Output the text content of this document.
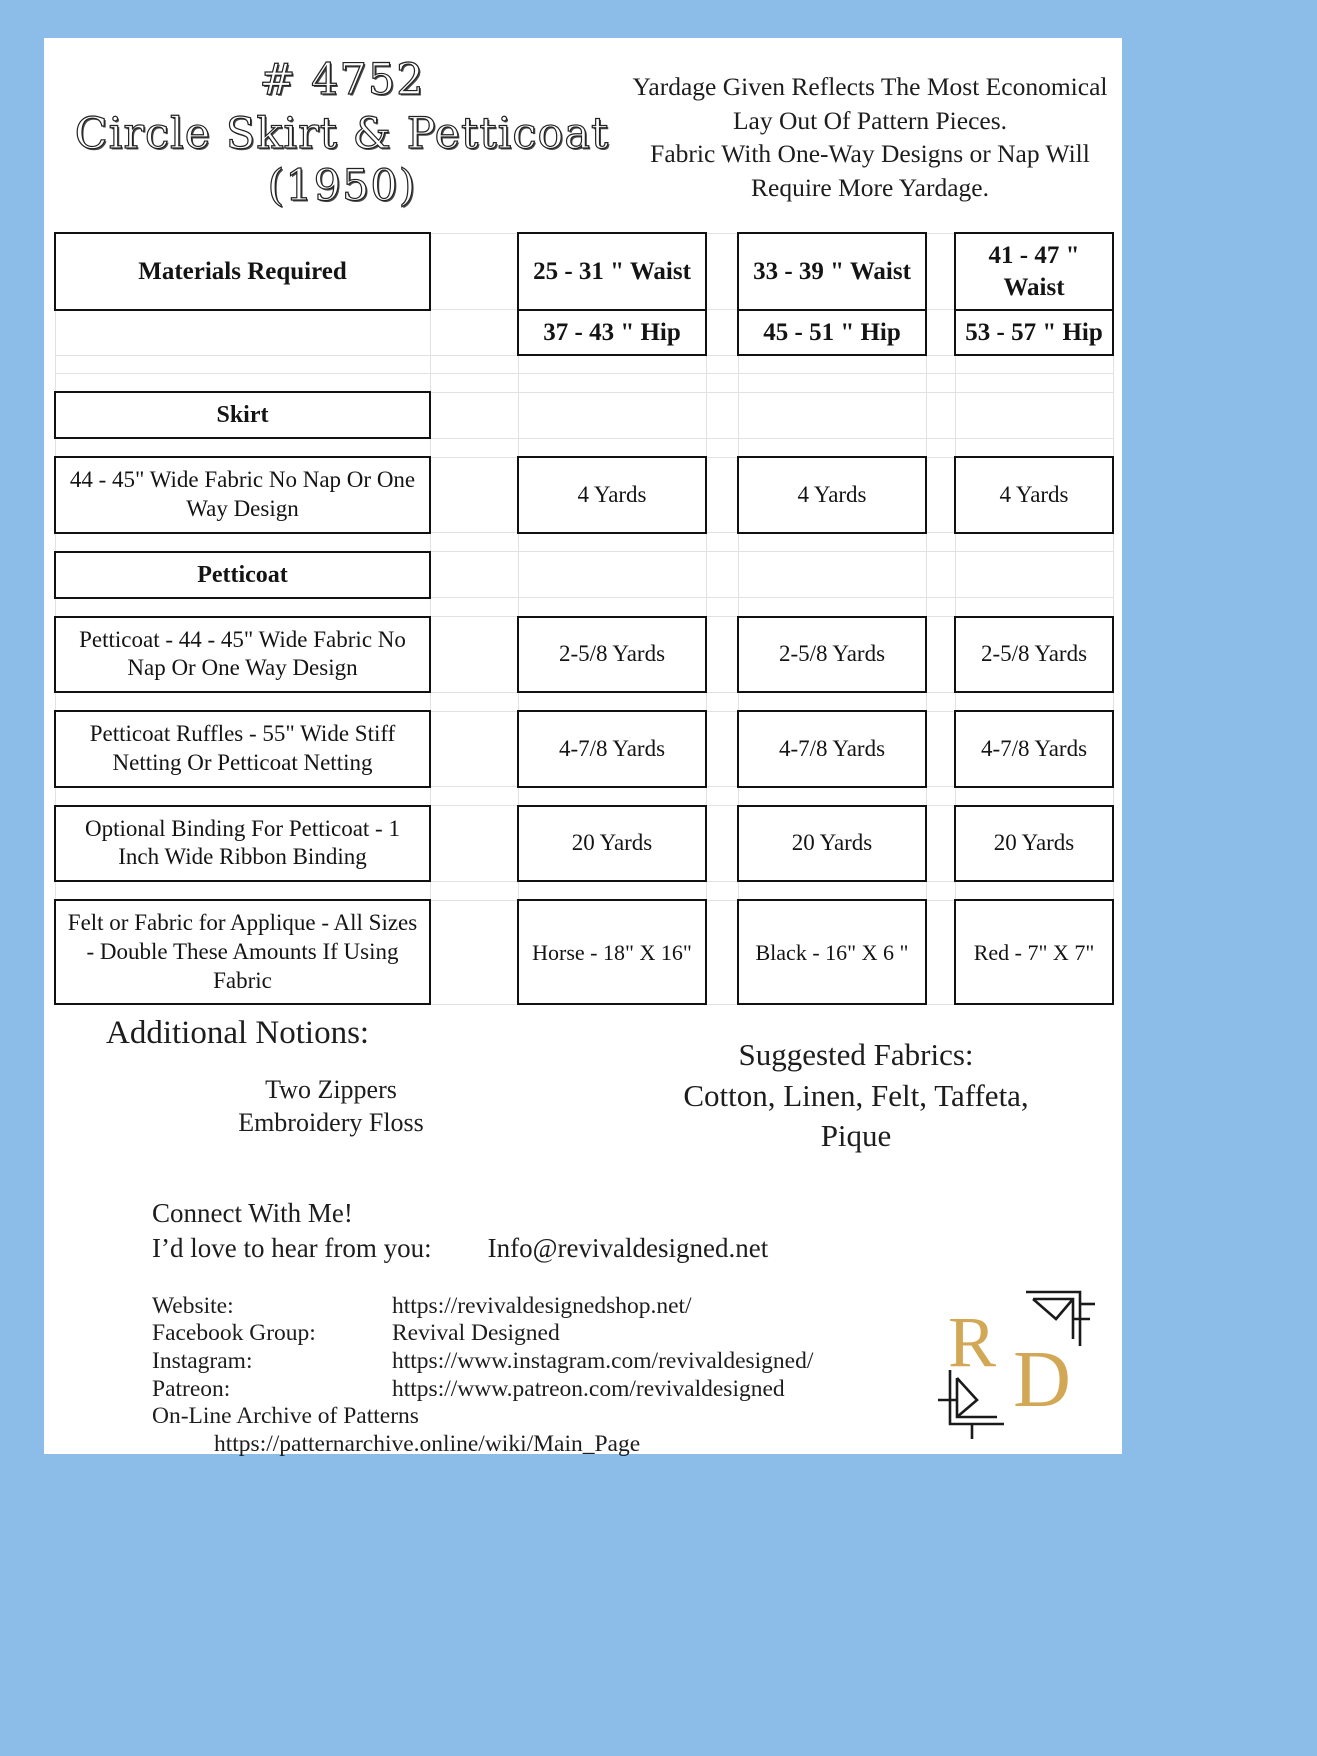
# 4752
Circle Skirt & Petticoat
(1950)
Yardage Given Reflects The Most Economical
Lay Out Of Pattern Pieces.
Fabric With One-Way Designs or Nap Will
Require More Yardage.
Materials Required		25 - 31 " Waist		33 - 39 " Waist		41 - 47 " Waist
		37 - 43 " Hip		45 - 51 " Hip		53 - 57 " Hip

Skirt						

44 - 45" Wide Fabric No Nap Or One Way Design		4 Yards		4 Yards		4 Yards

Petticoat						

Petticoat - 44 - 45" Wide Fabric No Nap Or One Way Design		2-5/8 Yards		2-5/8 Yards		2-5/8 Yards

Petticoat Ruffles - 55" Wide Stiff Netting Or Petticoat Netting		4-7/8 Yards		4-7/8 Yards		4-7/8 Yards

Optional Binding For Petticoat - 1 Inch Wide Ribbon Binding		20 Yards		20 Yards		20 Yards

Felt or Fabric for Applique - All Sizes - Double These Amounts If Using Fabric		Horse - 18" X 16"		Black - 16" X 6 "		Red - 7" X 7"
Additional Notions:
Two Zippers
Embroidery Floss
Suggested Fabrics:
Cotton, Linen, Felt, Taffeta,
Pique
Connect With Me!
I’d love to hear from you: Info@revivaldesigned.net
Website:	https://revivaldesignedshop.net/
Facebook Group:	Revival Designed
Instagram:	https://www.instagram.com/revivaldesigned/
Patreon:	https://www.patreon.com/revivaldesigned
On-Line Archive of Patterns
https://patternarchive.online/wiki/Main_Page
R D
